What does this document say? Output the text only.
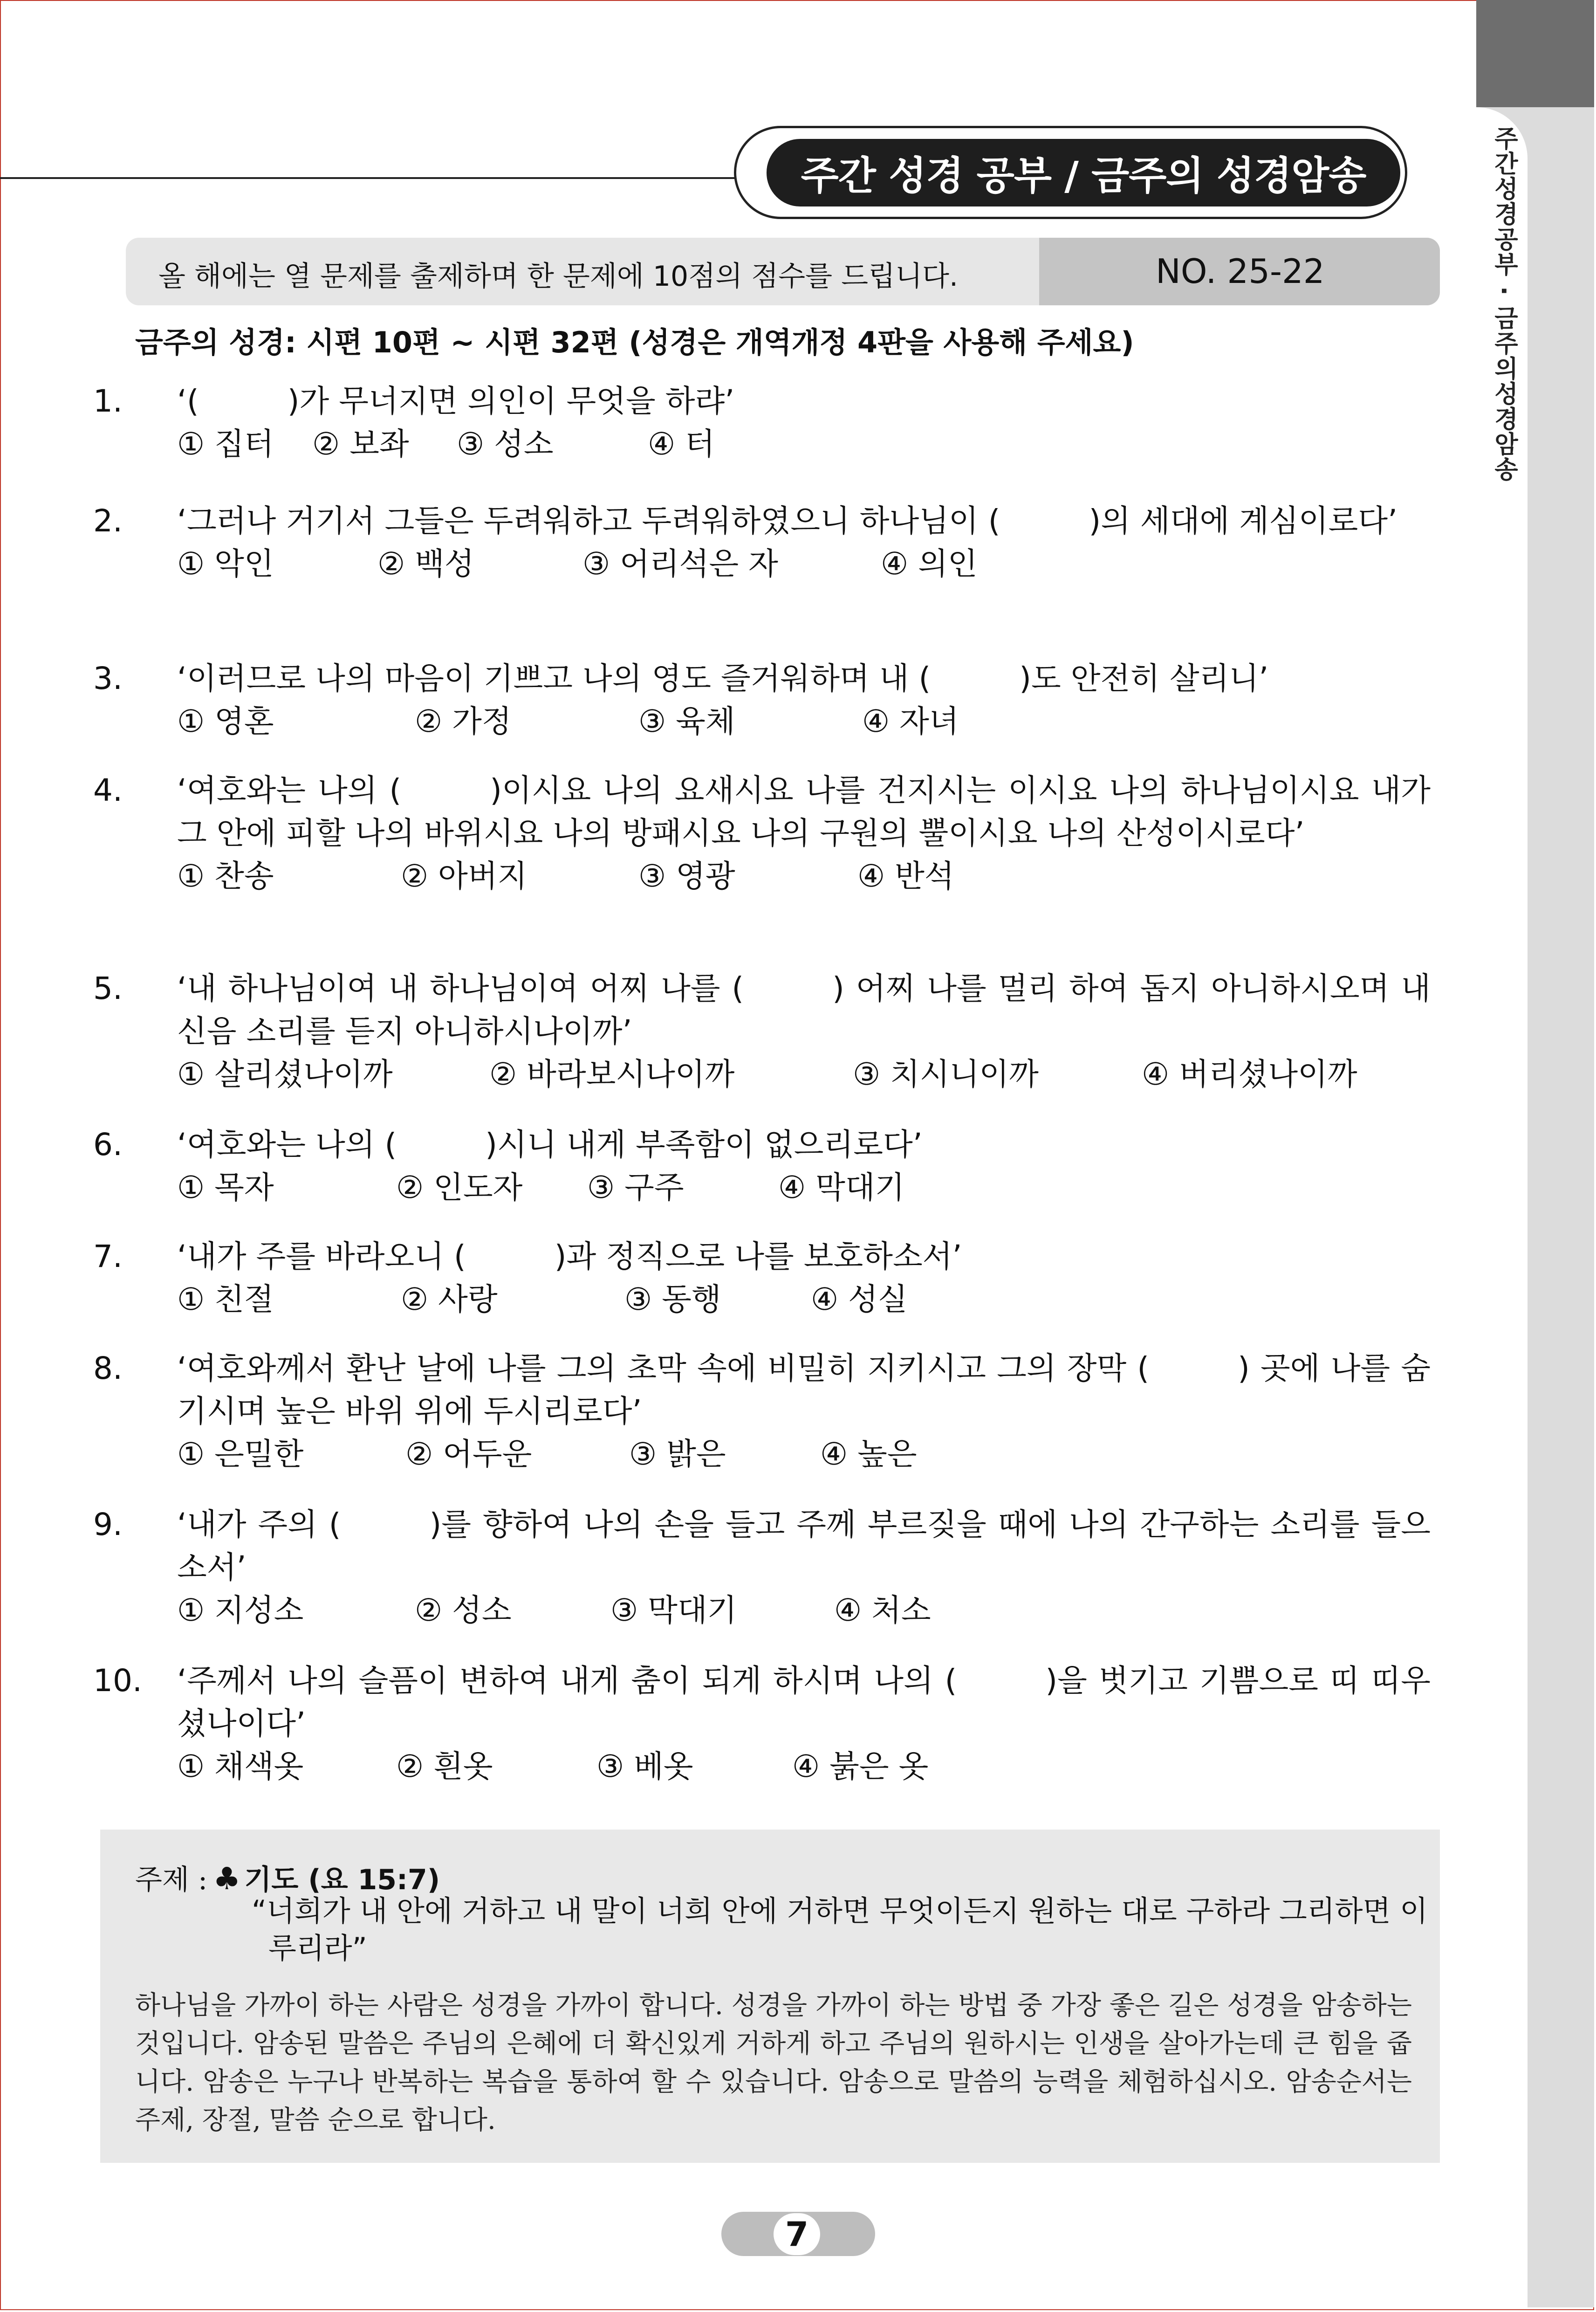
주간성경공부 · 금주의성경암송
주간 성경 공부 / 금주의 성경암송
올 해에는 열 문제를 출제하며 한 문제에 10점의 점수를 드립니다.	NO. 25-22
금주의 성경: 시편 10편 ~ 시편 32편 (성경은 개역개정 4판을 사용해 주세요)
1. ‘(	)가 무너지면 의인이 무엇을 하랴’
① 집터	② 보좌	③ 성소	④ 터
2. ‘그러나 거기서 그들은 두려워하고 두려워하였으니 하나님이 (	)의 세대에 계심이로다’
① 악인	② 백성	③ 어리석은 자	④ 의인
3. ‘이러므로 나의 마음이 기쁘고 나의 영도 즐거워하며 내 (	)도 안전히 살리니’
① 영혼	② 가정	③ 육체	④ 자녀
4. ‘여호와는 나의 (	)이시요 나의 요새시요 나를 건지시는 이시요 나의 하나님이시요 내가 그 안에 피할 나의 바위시요 나의 방패시요 나의 구원의 뿔이시요 나의 산성이시로다’
① 찬송	② 아버지	③ 영광	④ 반석
5. ‘내 하나님이여 내 하나님이여 어찌 나를 (	) 어찌 나를 멀리 하여 돕지 아니하시오며 내 신음 소리를 듣지 아니하시나이까’
① 살리셨나이까	② 바라보시나이까	③ 치시니이까	④ 버리셨나이까
6. ‘여호와는 나의 (	)시니 내게 부족함이 없으리로다’
① 목자	② 인도자	③ 구주	④ 막대기
7. ‘내가 주를 바라오니 (	)과 정직으로 나를 보호하소서’
① 친절	② 사랑	③ 동행	④ 성실
8. ‘여호와께서 환난 날에 나를 그의 초막 속에 비밀히 지키시고 그의 장막 (	) 곳에 나를 숨기시며 높은 바위 위에 두시리로다’
① 은밀한	② 어두운	③ 밝은	④ 높은
9. ‘내가 주의 (	)를 향하여 나의 손을 들고 주께 부르짖을 때에 나의 간구하는 소리를 들으소서’
① 지성소	② 성소	③ 막대기	④ 처소
10. ‘주께서 나의 슬픔이 변하여 내게 춤이 되게 하시며 나의 (	)을 벗기고 기쁨으로 띠 띠우셨나이다’
① 채색옷	② 흰옷	③ 베옷	④ 붉은 옷
주제 : ♣ 기도 (요 15:7)
“너희가 내 안에 거하고 내 말이 너희 안에 거하면 무엇이든지 원하는 대로 구하라 그리하면 이루리라”
하나님을 가까이 하는 사람은 성경을 가까이 합니다. 성경을 가까이 하는 방법 중 가장 좋은 길은 성경을 암송하는 것입니다. 암송된 말씀은 주님의 은혜에 더 확신있게 거하게 하고 주님의 원하시는 인생을 살아가는데 큰 힘을 줍니다. 암송은 누구나 반복하는 복습을 통하여 할 수 있습니다. 암송으로 말씀의 능력을 체험하십시오. 암송순서는 주제, 장절, 말씀 순으로 합니다.
7
